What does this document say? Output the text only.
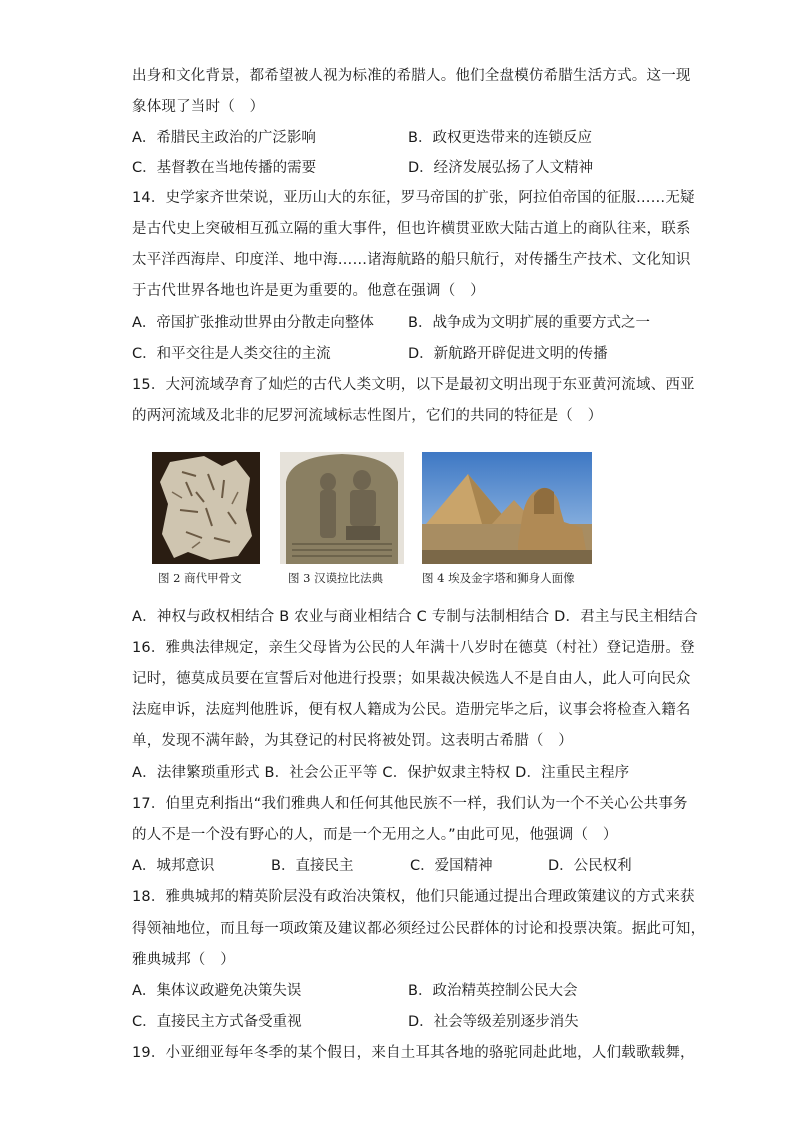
出身和文化背景，都希望被人视为标准的希腊人。他们全盘模仿希腊生活方式。这一现
象体现了当时（　）
A．希腊民主政治的广泛影响	B．政权更迭带来的连锁反应
C．基督教在当地传播的需要	D．经济发展弘扬了人文精神
14．史学家齐世荣说，亚历山大的东征，罗马帝国的扩张，阿拉伯帝国的征服……无疑
是古代史上突破相互孤立隔的重大事件，但也许横贯亚欧大陆古道上的商队往来，联系
太平洋西海岸、印度洋、地中海……诸海航路的船只航行，对传播生产技术、文化知识
于古代世界各地也许是更为重要的。他意在强调（　）
A．帝国扩张推动世界由分散走向整体 B．战争成为文明扩展的重要方式之一
C．和平交往是人类交往的主流	D．新航路开辟促进文明的传播
15．大河流域孕育了灿烂的古代人类文明，以下是最初文明出现于东亚黄河流域、西亚
的两河流域及北非的尼罗河流域标志性图片，它们的共同的特征是（　）
图 2 商代甲骨文	图 3 汉谟拉比法典	图 4 埃及金字塔和狮身人面像
A．神权与政权相结合 B 农业与商业相结合 C 专制与法制相结合 D．君主与民主相结合
16．雅典法律规定，亲生父母皆为公民的人年满十八岁时在德莫（村社）登记造册。登
记时，德莫成员要在宣誓后对他进行投票；如果裁决候选人不是自由人，此人可向民众
法庭申诉，法庭判他胜诉，便有权人籍成为公民。造册完毕之后，议事会将检查入籍名
单，发现不满年龄，为其登记的村民将被处罚。这表明古希腊（　）
A．法律繁琐重形式 B．社会公正平等 C．保护奴隶主特权 D．注重民主程序
17．伯里克利指出“我们雅典人和任何其他民族不一样，我们认为一个不关心公共事务
的人不是一个没有野心的人，而是一个无用之人。”由此可见，他强调（　）
A．城邦意识	B．直接民主	C．爱国精神	D．公民权利
18．雅典城邦的精英阶层没有政治决策权，他们只能通过提出合理政策建议的方式来获
得领袖地位，而且每一项政策及建议都必须经过公民群体的讨论和投票决策。据此可知，
雅典城邦（　）
A．集体议政避免决策失误	B．政治精英控制公民大会
C．直接民主方式备受重视	D．社会等级差别逐步消失
19．小亚细亚每年冬季的某个假日，来自土耳其各地的骆驼同赴此地，人们载歌载舞，
